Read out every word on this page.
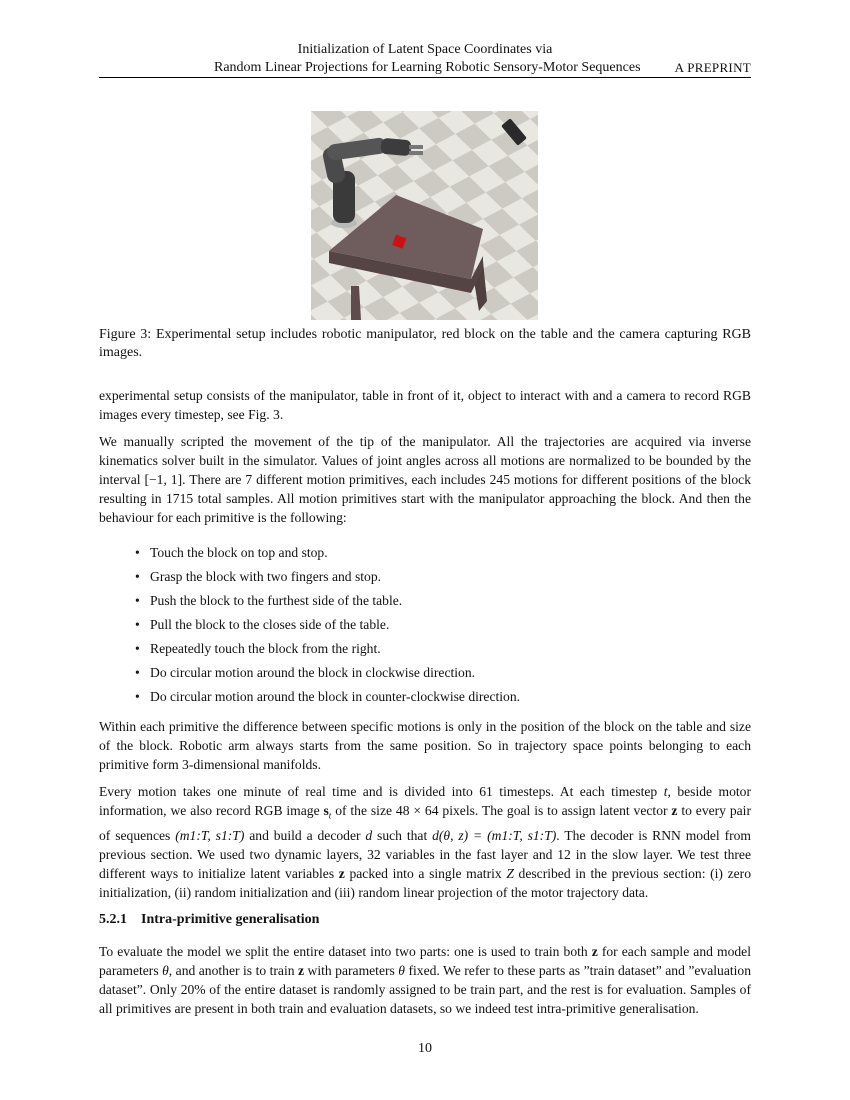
Initialization of Latent Space Coordinates via
Random Linear Projections for Learning Robotic Sensory-Motor Sequences	A PREPRINT
Figure 3: Experimental setup includes robotic manipulator, red block on the table and the camera capturing RGB images.

experimental setup consists of the manipulator, table in front of it, object to interact with and a camera to record RGB images every timestep, see Fig. 3.

We manually scripted the movement of the tip of the manipulator. All the trajectories are acquired via inverse kinematics solver built in the simulator. Values of joint angles across all motions are normalized to be bounded by the interval [−1, 1]. There are 7 different motion primitives, each includes 245 motions for different positions of the block resulting in 1715 total samples. All motion primitives start with the manipulator approaching the block. And then the behaviour for each primitive is the following:

• Touch the block on top and stop.
• Grasp the block with two fingers and stop.
• Push the block to the furthest side of the table.
• Pull the block to the closes side of the table.
• Repeatedly touch the block from the right.
• Do circular motion around the block in clockwise direction.
• Do circular motion around the block in counter-clockwise direction.

Within each primitive the difference between specific motions is only in the position of the block on the table and size of the block. Robotic arm always starts from the same position. So in trajectory space points belonging to each primitive form 3-dimensional manifolds.

Every motion takes one minute of real time and is divided into 61 timesteps. At each timestep t, beside motor information, we also record RGB image $s_t$ of the size 48 × 64 pixels. The goal is to assign latent vector z to every pair of sequences (m1:T, s1:T) and build a decoder d such that d(θ, z) = (m1:T, s1:T). The decoder is RNN model from previous section. We used two dynamic layers, 32 variables in the fast layer and 12 in the slow layer. We test three different ways to initialize latent variables z packed into a single matrix Z described in the previous section: (i) zero initialization, (ii) random initialization and (iii) random linear projection of the motor trajectory data.

5.2.1 Intra-primitive generalisation

To evaluate the model we split the entire dataset into two parts: one is used to train both z for each sample and model parameters θ, and another is to train z with parameters θ fixed. We refer to these parts as ”train dataset” and ”evaluation dataset”. Only 20% of the entire dataset is randomly assigned to be train part, and the rest is for evaluation. Samples of all primitives are present in both train and evaluation datasets, so we indeed test intra-primitive generalisation.

10
